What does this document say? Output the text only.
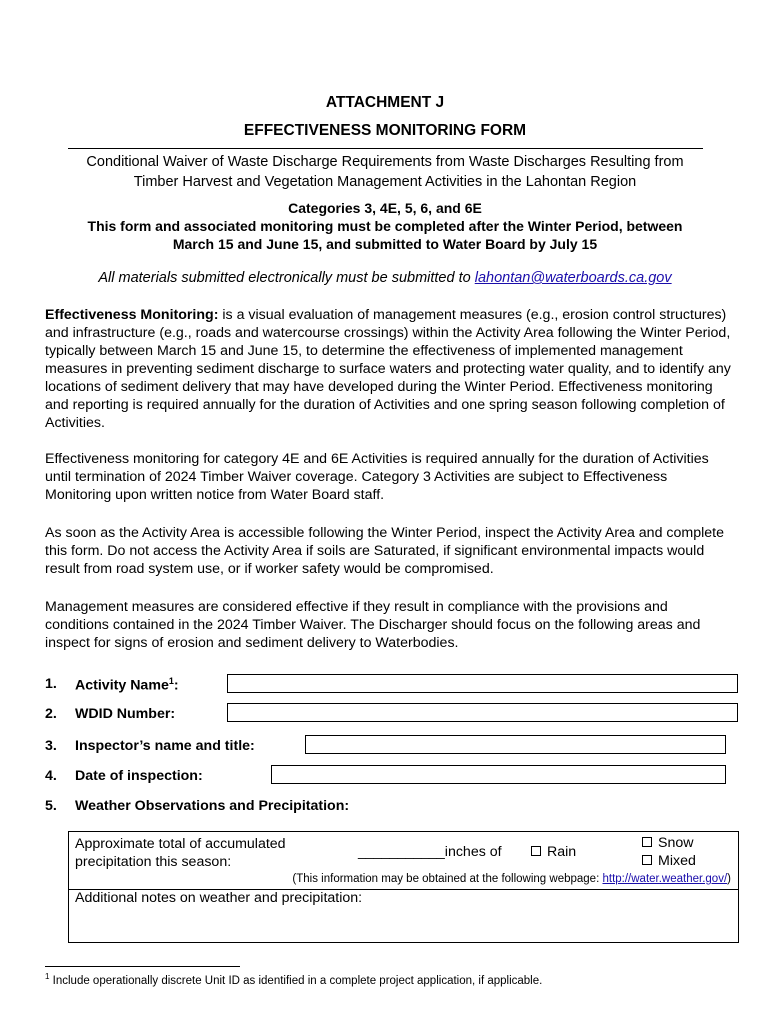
ATTACHMENT J
EFFECTIVENESS MONITORING FORM
Conditional Waiver of Waste Discharge Requirements from Waste Discharges Resulting from
Timber Harvest and Vegetation Management Activities in the Lahontan Region
Categories 3, 4E, 5, 6, and 6E
This form and associated monitoring must be completed after the Winter Period, between
March 15 and June 15, and submitted to Water Board by July 15
All materials submitted electronically must be submitted to lahontan@waterboards.ca.gov
Effectiveness Monitoring: is a visual evaluation of management measures (e.g., erosion control structures) and infrastructure (e.g., roads and watercourse crossings) within the Activity Area following the Winter Period, typically between March 15 and June 15, to determine the effectiveness of implemented management measures in preventing sediment discharge to surface waters and protecting water quality, and to identify any locations of sediment delivery that may have developed during the Winter Period. Effectiveness monitoring and reporting is required annually for the duration of Activities and one spring season following completion of Activities.
Effectiveness monitoring for category 4E and 6E Activities is required annually for the duration of Activities until termination of 2024 Timber Waiver coverage. Category 3 Activities are subject to Effectiveness Monitoring upon written notice from Water Board staff.
As soon as the Activity Area is accessible following the Winter Period, inspect the Activity Area and complete this form. Do not access the Activity Area if soils are Saturated, if significant environmental impacts would result from road system use, or if worker safety would be compromised.
Management measures are considered effective if they result in compliance with the provisions and conditions contained in the 2024 Timber Waiver. The Discharger should focus on the following areas and inspect for signs of erosion and sediment delivery to Waterbodies.
1. Activity Name$^1$:
2. WDID Number:
3. Inspector’s name and title:
4. Date of inspection:
5. Weather Observations and Precipitation:
Approximate total of accumulated
precipitation this season:
___________inches of	Rain
Snow
Mixed
(This information may be obtained at the following webpage: http://water.weather.gov/)
Additional notes on weather and precipitation:
$^1$ Include operationally discrete Unit ID as identified in a complete project application, if applicable.
